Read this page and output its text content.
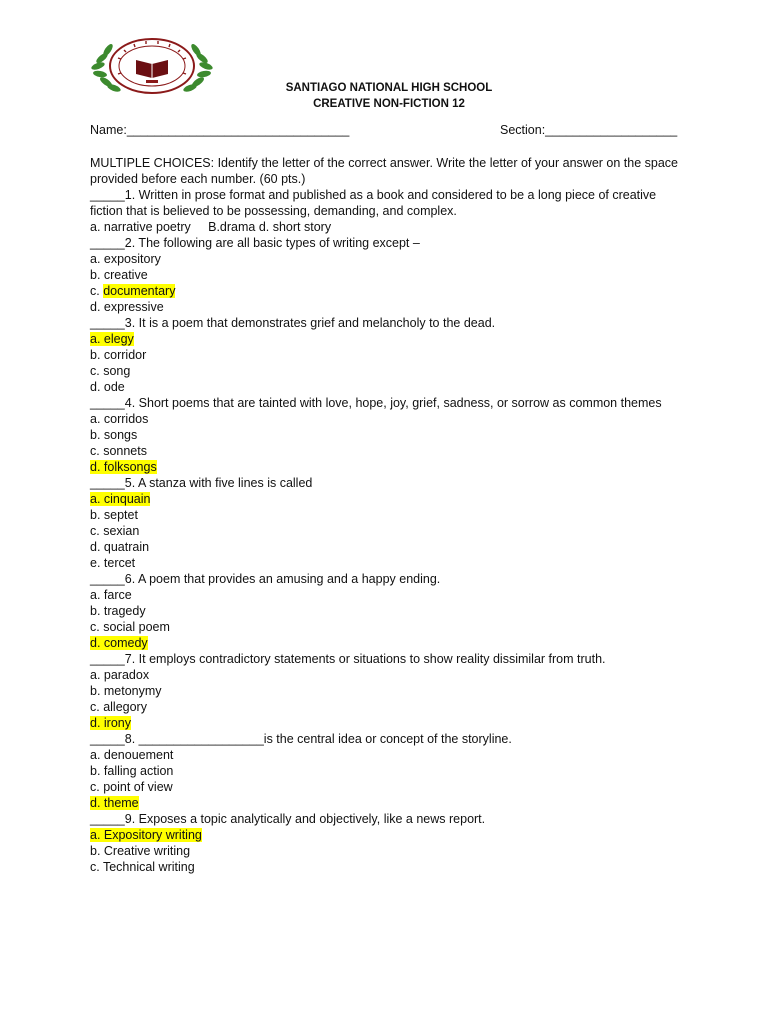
SANTIAGO NATIONAL HIGH SCHOOL
CREATIVE NON-FICTION 12
Name:________________________________	Section:___________________
MULTIPLE CHOICES: Identify the letter of the correct answer. Write the letter of your answer on the space provided before each number. (60 pts.)
_____1. Written in prose format and published as a book and considered to be a long piece of creative fiction that is believed to be possessing, demanding, and complex.
a. narrative poetry     B.drama d. short story
_____2. The following are all basic types of writing except –
a. expository
b. creative
c. documentary
d. expressive
_____3. It is a poem that demonstrates grief and melancholy to the dead.
a. elegy
b. corridor
c. song
d. ode
_____4. Short poems that are tainted with love, hope, joy, grief, sadness, or sorrow as common themes
a. corridos
b. songs
c. sonnets
d. folksongs
_____5. A stanza with five lines is called
a. cinquain
b. septet
c. sexian
d. quatrain
e. tercet
_____6. A poem that provides an amusing and a happy ending.
a. farce
b. tragedy
c. social poem
d. comedy
_____7. It employs contradictory statements or situations to show reality dissimilar from truth.
a. paradox
b. metonymy
c. allegory
d. irony
_____8. __________________is the central idea or concept of the storyline.
a. denouement
b. falling action
c. point of view
d. theme
_____9. Exposes a topic analytically and objectively, like a news report.
a. Expository writing
b. Creative writing
c. Technical writing
